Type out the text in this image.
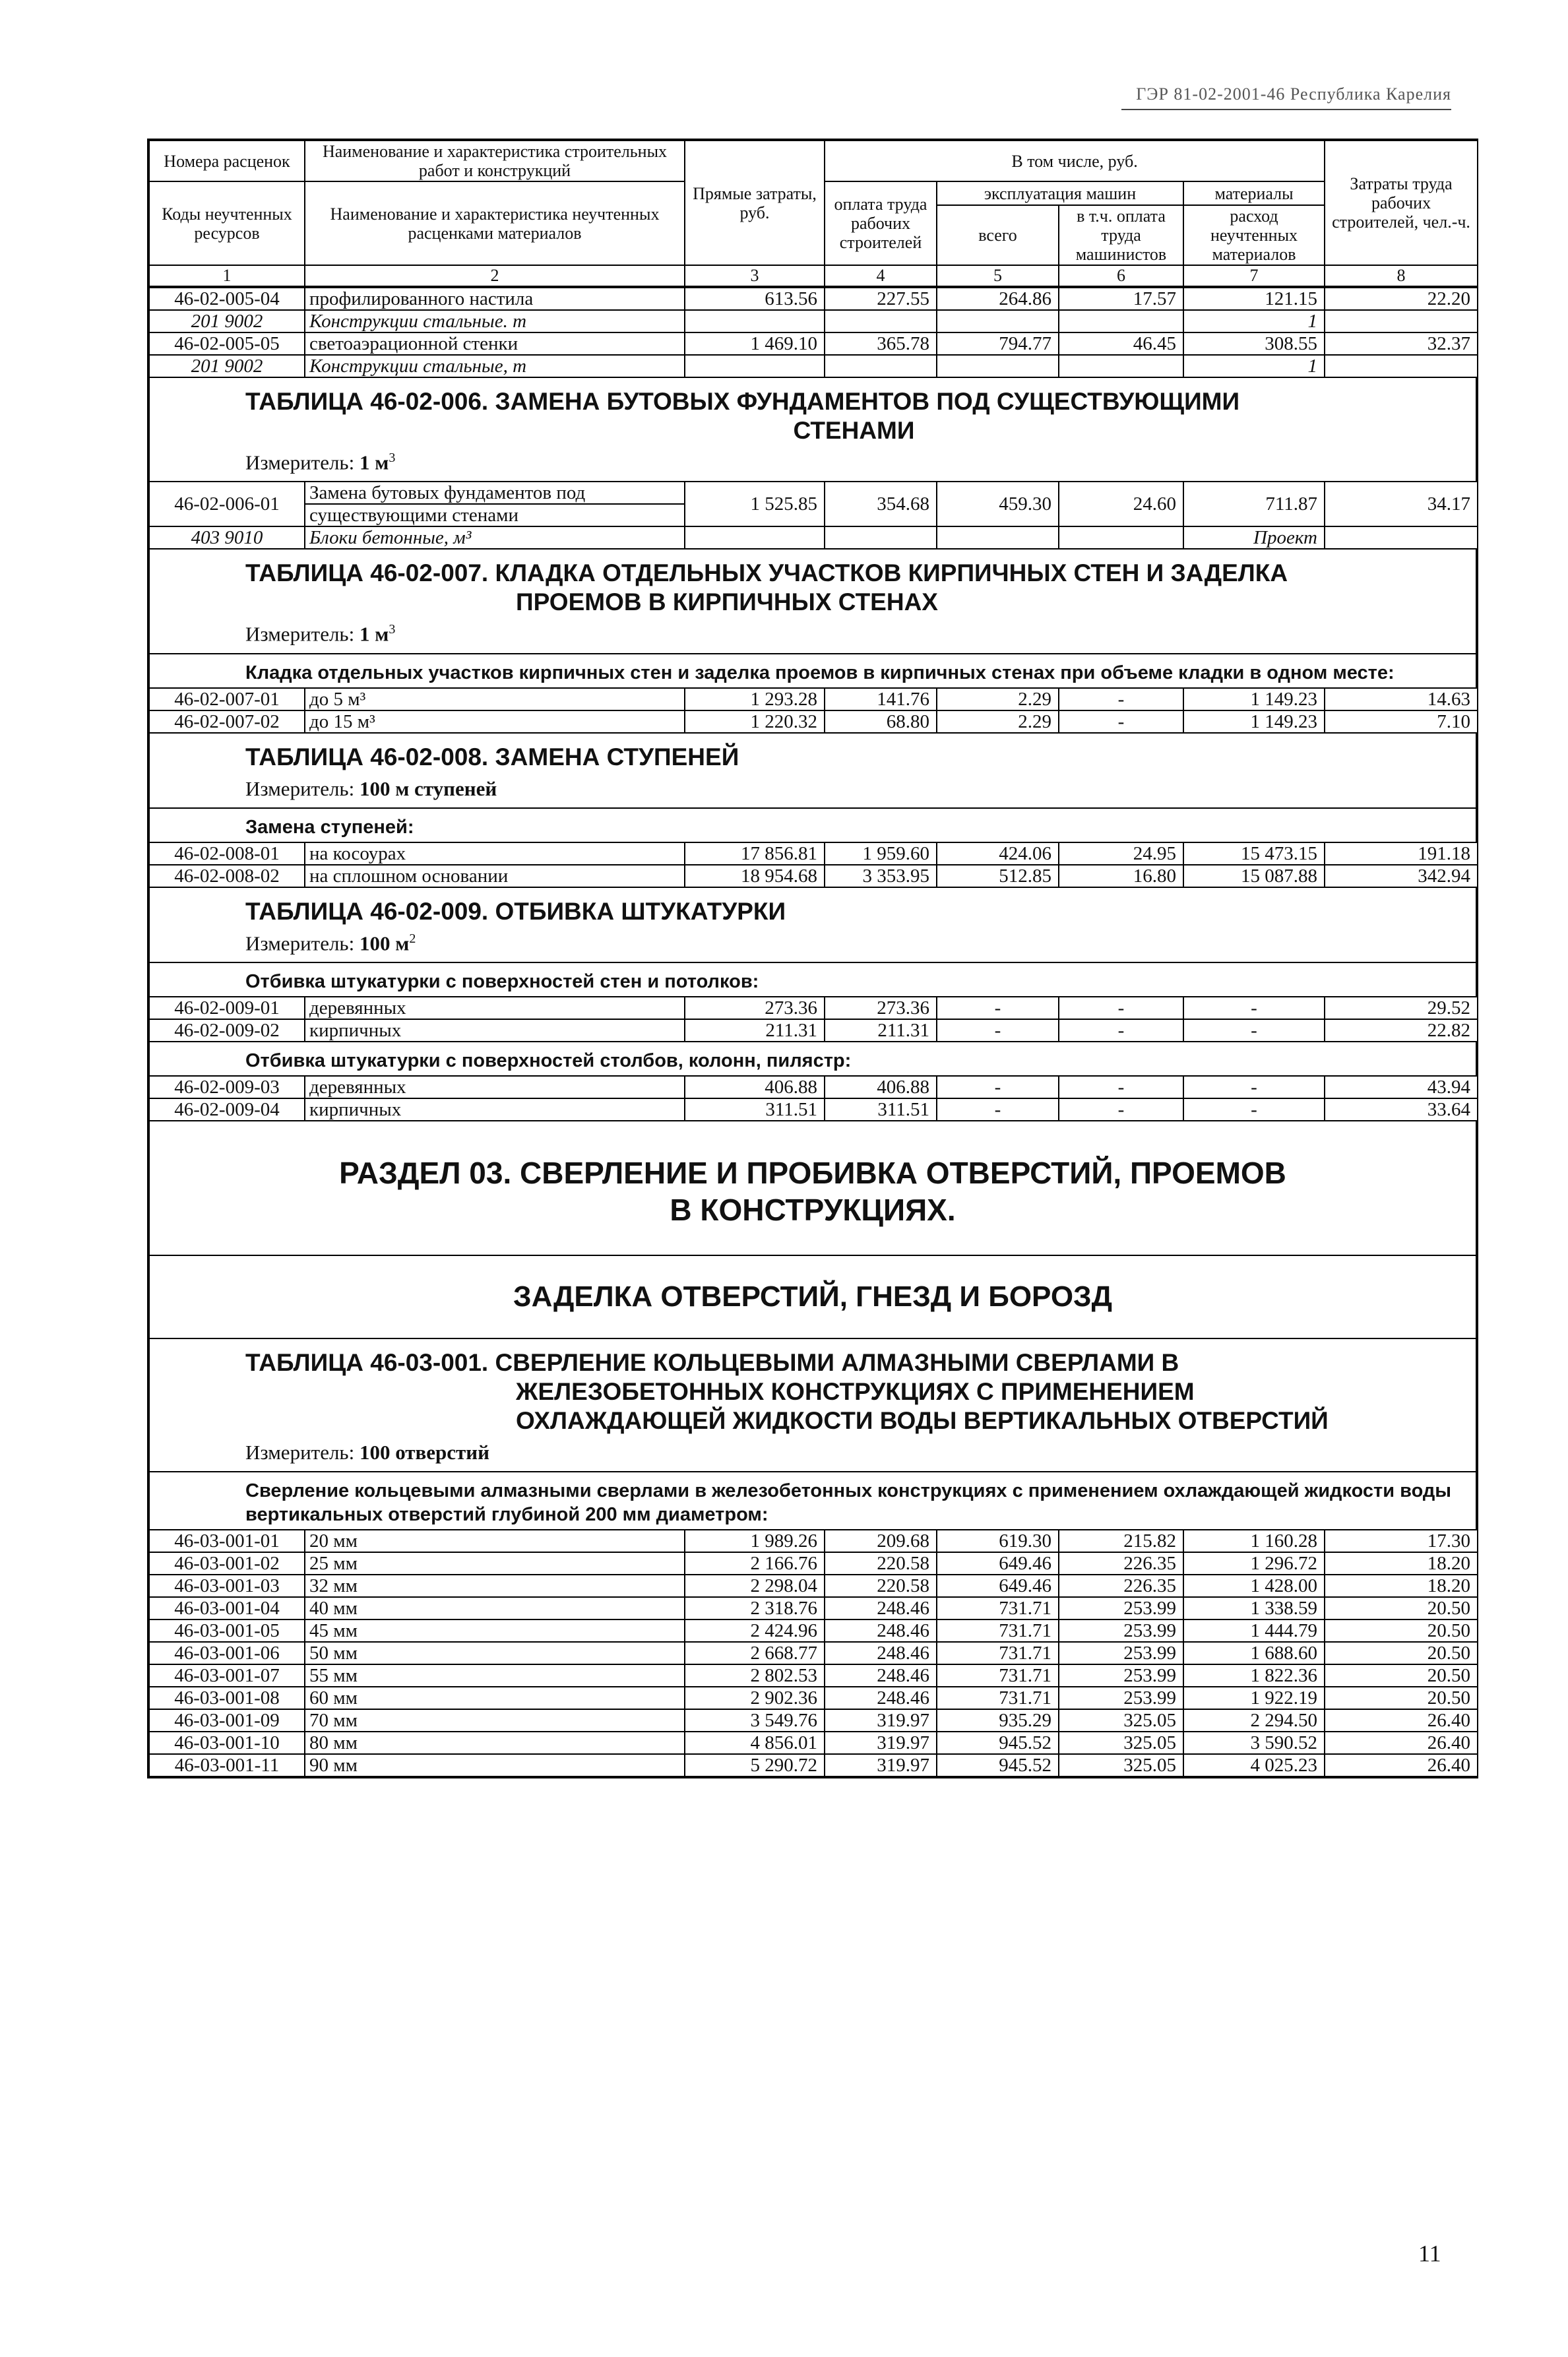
ГЭР 81-02-2001-46 Республика Карелия
Номера расценок	Наименование и характеристика строительных работ и конструкций	Прямые затраты, руб.	В том числе, руб.				Затраты труда рабочих строителей, чел.-ч.
Коды неучтенных ресурсов	Наименование и характеристика неучтенных расценками материалов		оплата труда рабочих строителей	эксплуатация машин		материалы	
				всего	в т.ч. оплата труда машинистов	расход неучтенных материалов	
1	2	3	4	5	6	7	8
46-02-005-04	профилированного настила	613.56	227.55	264.86	17.57	121.15	22.20
201 9002	Конструкции стальные. т					1	
46-02-005-05	светоаэрационной стенки	1 469.10	365.78	794.77	46.45	308.55	32.37
201 9002	Конструкции стальные, т					1	
ТАБЛИЦА 46-02-006. ЗАМЕНА БУТОВЫХ ФУНДАМЕНТОВ ПОД СУЩЕСТВУЮЩИМИ
СТЕНАМИ
Измеритель: 1 $м^3$
46-02-006-01	Замена бутовых фундаментов под	1 525.85	354.68	459.30	24.60	711.87	34.17
	существующими стенами						
403 9010	Блоки бетонные, м³					Проект	
ТАБЛИЦА 46-02-007. КЛАДКА ОТДЕЛЬНЫХ УЧАСТКОВ КИРПИЧНЫХ СТЕН И ЗАДЕЛКА
ПРОЕМОВ В КИРПИЧНЫХ СТЕНАХ
Измеритель: 1 $м^3$
Кладка отдельных участков кирпичных стен и заделка проемов в кирпичных стенах при объеме кладки в одном месте:
46-02-007-01	до 5 м³	1 293.28	141.76	2.29	-	1 149.23	14.63
46-02-007-02	до 15 м³	1 220.32	68.80	2.29	-	1 149.23	7.10
ТАБЛИЦА 46-02-008. ЗАМЕНА СТУПЕНЕЙ
Измеритель: 100 м ступеней
Замена ступеней:
46-02-008-01	на косоурах	17 856.81	1 959.60	424.06	24.95	15 473.15	191.18
46-02-008-02	на сплошном основании	18 954.68	3 353.95	512.85	16.80	15 087.88	342.94
ТАБЛИЦА 46-02-009. ОТБИВКА ШТУКАТУРКИ
Измеритель: 100 $м^2$
Отбивка штукатурки с поверхностей стен и потолков:
46-02-009-01	деревянных	273.36	273.36	-	-	-	29.52
46-02-009-02	кирпичных	211.31	211.31	-	-	-	22.82
Отбивка штукатурки с поверхностей столбов, колонн, пилястр:
46-02-009-03	деревянных	406.88	406.88	-	-	-	43.94
46-02-009-04	кирпичных	311.51	311.51	-	-	-	33.64
РАЗДЕЛ 03. СВЕРЛЕНИЕ И ПРОБИВКА ОТВЕРСТИЙ, ПРОЕМОВ
В КОНСТРУКЦИЯХ.
ЗАДЕЛКА ОТВЕРСТИЙ, ГНЕЗД И БОРОЗД
ТАБЛИЦА 46-03-001. СВЕРЛЕНИЕ КОЛЬЦЕВЫМИ АЛМАЗНЫМИ СВЕРЛАМИ В
ЖЕЛЕЗОБЕТОННЫХ КОНСТРУКЦИЯХ С ПРИМЕНЕНИЕМ
ОХЛАЖДАЮЩЕЙ ЖИДКОСТИ ВОДЫ ВЕРТИКАЛЬНЫХ ОТВЕРСТИЙ
Измеритель: 100 отверстий
Сверление кольцевыми алмазными сверлами в железобетонных конструкциях с применением охлаждающей жидкости воды вертикальных отверстий глубиной 200 мм диаметром:
46-03-001-01	20 мм	1 989.26	209.68	619.30	215.82	1 160.28	17.30
46-03-001-02	25 мм	2 166.76	220.58	649.46	226.35	1 296.72	18.20
46-03-001-03	32 мм	2 298.04	220.58	649.46	226.35	1 428.00	18.20
46-03-001-04	40 мм	2 318.76	248.46	731.71	253.99	1 338.59	20.50
46-03-001-05	45 мм	2 424.96	248.46	731.71	253.99	1 444.79	20.50
46-03-001-06	50 мм	2 668.77	248.46	731.71	253.99	1 688.60	20.50
46-03-001-07	55 мм	2 802.53	248.46	731.71	253.99	1 822.36	20.50
46-03-001-08	60 мм	2 902.36	248.46	731.71	253.99	1 922.19	20.50
46-03-001-09	70 мм	3 549.76	319.97	935.29	325.05	2 294.50	26.40
46-03-001-10	80 мм	4 856.01	319.97	945.52	325.05	3 590.52	26.40
46-03-001-11	90 мм	5 290.72	319.97	945.52	325.05	4 025.23	26.40
11
